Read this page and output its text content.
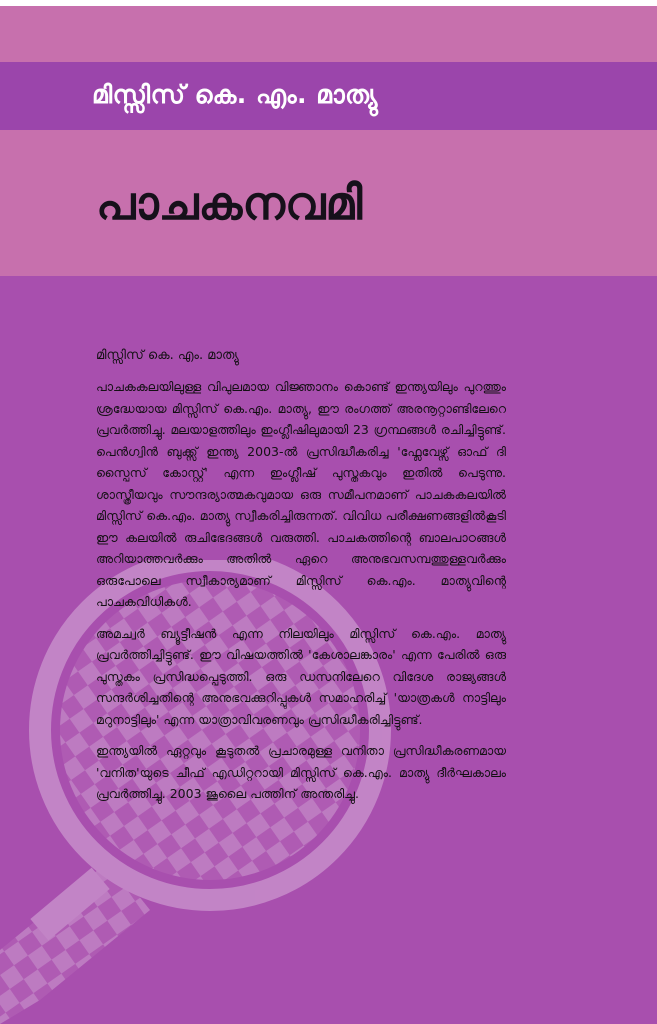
മിസ്സിസ് കെ. എം. മാത്യു
പാചകനവമി
മിസ്സിസ് കെ. എം. മാത്യു

പാചകകലയിലുള്ള വിപുലമായ വിജ്ഞാനം കൊണ്ട് ഇന്ത്യയിലും പുറത്തും ശ്രദ്ധേയായ മിസ്സിസ് കെ.എം. മാത്യു, ഈ രംഗത്ത് അരനൂറ്റാണ്ടിലേറെ പ്രവർത്തിച്ചു. മലയാളത്തിലും ഇംഗ്ലീഷിലുമായി 23 ഗ്രന്ഥങ്ങൾ രചിച്ചിട്ടുണ്ട്. പെൻഗ്വിൻ ബുക്ക്സ് ഇന്ത്യ 2003-ൽ പ്രസിദ്ധീകരിച്ച 'ഫ്ലേവേഴ്സ് ഓഫ് ദി സ്പൈസ് കോസ്റ്റ്' എന്ന ഇംഗ്ലീഷ് പുസ്തകവും ഇതിൽ പെടുന്നു. ശാസ്ത്രീയവും സൗന്ദര്യാത്മകവുമായ ഒരു സമീപനമാണ് പാചകകലയിൽ മിസ്സിസ് കെ.എം. മാത്യു സ്വീകരിച്ചിരുന്നത്. വിവിധ പരീക്ഷണങ്ങളിൽകൂടി ഈ കലയിൽ രുചിഭേദങ്ങൾ വരുത്തി. പാചകത്തിന്റെ ബാലപാഠങ്ങൾ അറിയാത്തവർക്കും അതിൽ ഏറെ അനുഭവസമ്പത്തുള്ളവർക്കും ഒരുപോലെ സ്വീകാര്യമാണ് മിസ്സിസ് കെ.എം. മാത്യുവിന്റെ പാചകവിധികൾ.

അമച്വർ ബ്യൂട്ടീഷൻ എന്ന നിലയിലും മിസ്സിസ് കെ.എം. മാത്യു പ്രവർത്തിച്ചിട്ടുണ്ട്. ഈ വിഷയത്തിൽ 'കേശാലങ്കാരം' എന്ന പേരിൽ ഒരു പുസ്തകം പ്രസിദ്ധപ്പെടുത്തി. ഒരു ഡസനിലേറെ വിദേശ രാജ്യങ്ങൾ സന്ദർശിച്ചതിന്റെ അനുഭവക്കുറിപ്പുകൾ സമാഹരിച്ച് 'യാത്രകൾ നാട്ടിലും മറുനാട്ടിലും' എന്ന യാത്രാവിവരണവും പ്രസിദ്ധീകരിച്ചിട്ടുണ്ട്.

ഇന്ത്യയിൽ ഏറ്റവും കൂടുതൽ പ്രചാരമുള്ള വനിതാ പ്രസിദ്ധീകരണമായ 'വനിത'യുടെ ചീഫ് എഡിറ്ററായി മിസ്സിസ് കെ.എം. മാത്യു ദീർഘകാലം പ്രവർത്തിച്ചു. 2003 ജൂലൈ പത്തിന് അന്തരിച്ചു.
